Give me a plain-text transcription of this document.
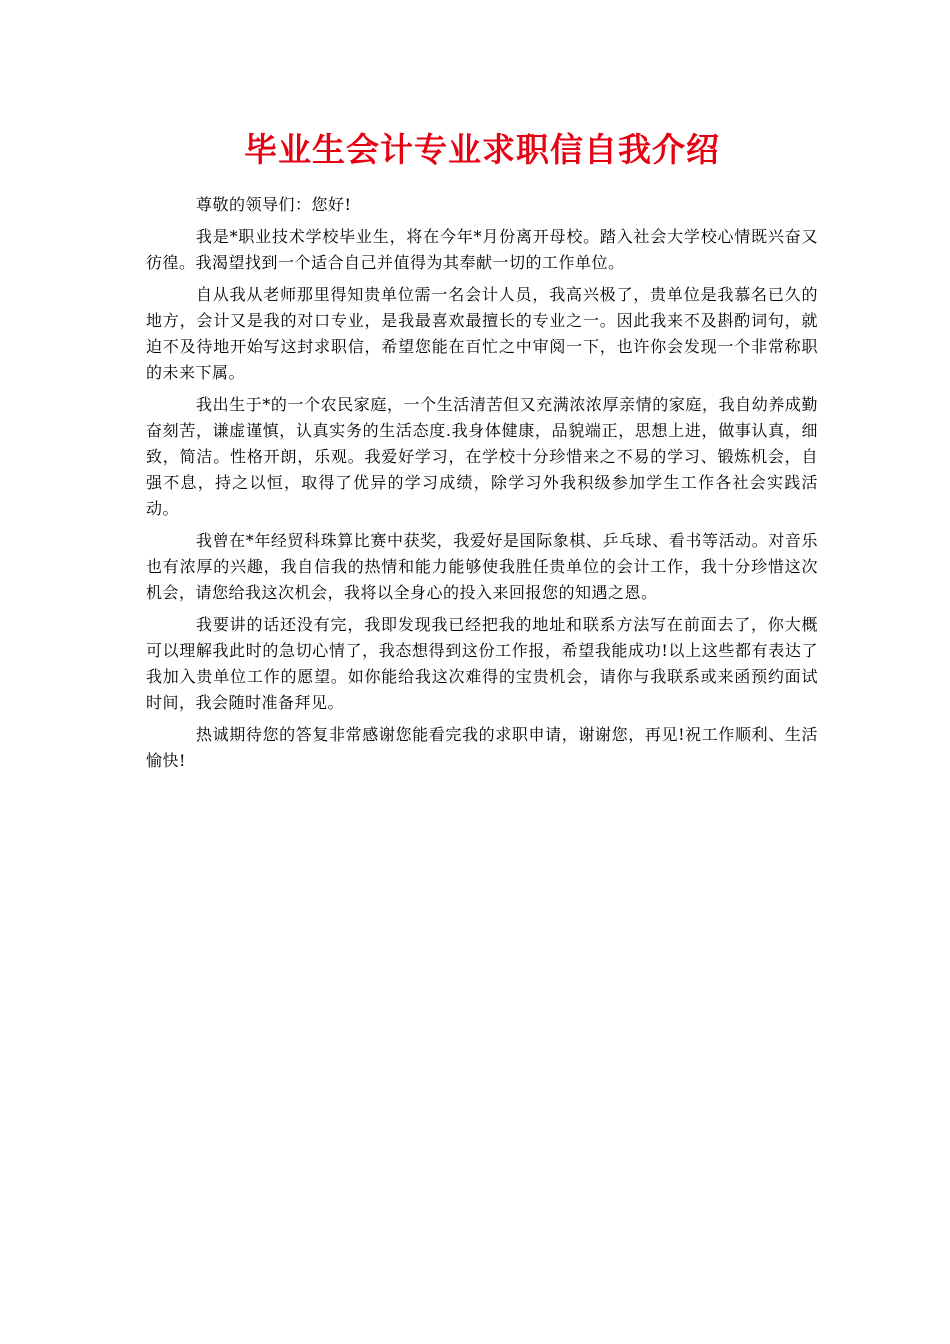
毕业生会计专业求职信自我介绍

尊敬的领导们：您好!

我是*职业技术学校毕业生，将在今年*月份离开母校。踏入社会大学校心情既兴奋又彷徨。我渴望找到一个适合自己并值得为其奉献一切的工作单位。

自从我从老师那里得知贵单位需一名会计人员，我高兴极了，贵单位是我慕名已久的地方，会计又是我的对口专业，是我最喜欢最擅长的专业之一。因此我来不及斟酌词句，就迫不及待地开始写这封求职信，希望您能在百忙之中审阅一下，也许你会发现一个非常称职的未来下属。

我出生于*的一个农民家庭，一个生活清苦但又充满浓浓厚亲情的家庭，我自幼养成勤奋刻苦，谦虚谨慎，认真实务的生活态度.我身体健康，品貌端正，思想上进，做事认真，细致，简洁。性格开朗，乐观。我爱好学习，在学校十分珍惜来之不易的学习、锻炼机会，自强不息，持之以恒，取得了优异的学习成绩，除学习外我积级参加学生工作各社会实践活动。

我曾在*年经贸科珠算比赛中获奖，我爱好是国际象棋、乒乓球、看书等活动。对音乐也有浓厚的兴趣，我自信我的热情和能力能够使我胜任贵单位的会计工作，我十分珍惜这次机会，请您给我这次机会，我将以全身心的投入来回报您的知遇之恩。

我要讲的话还没有完，我即发现我已经把我的地址和联系方法写在前面去了，你大概可以理解我此时的急切心情了，我态想得到这份工作报，希望我能成功!以上这些都有表达了我加入贵单位工作的愿望。如你能给我这次难得的宝贵机会，请你与我联系或来函预约面试时间，我会随时准备拜见。

热诚期待您的答复非常感谢您能看完我的求职申请，谢谢您，再见!祝工作顺利、生活愉快!
